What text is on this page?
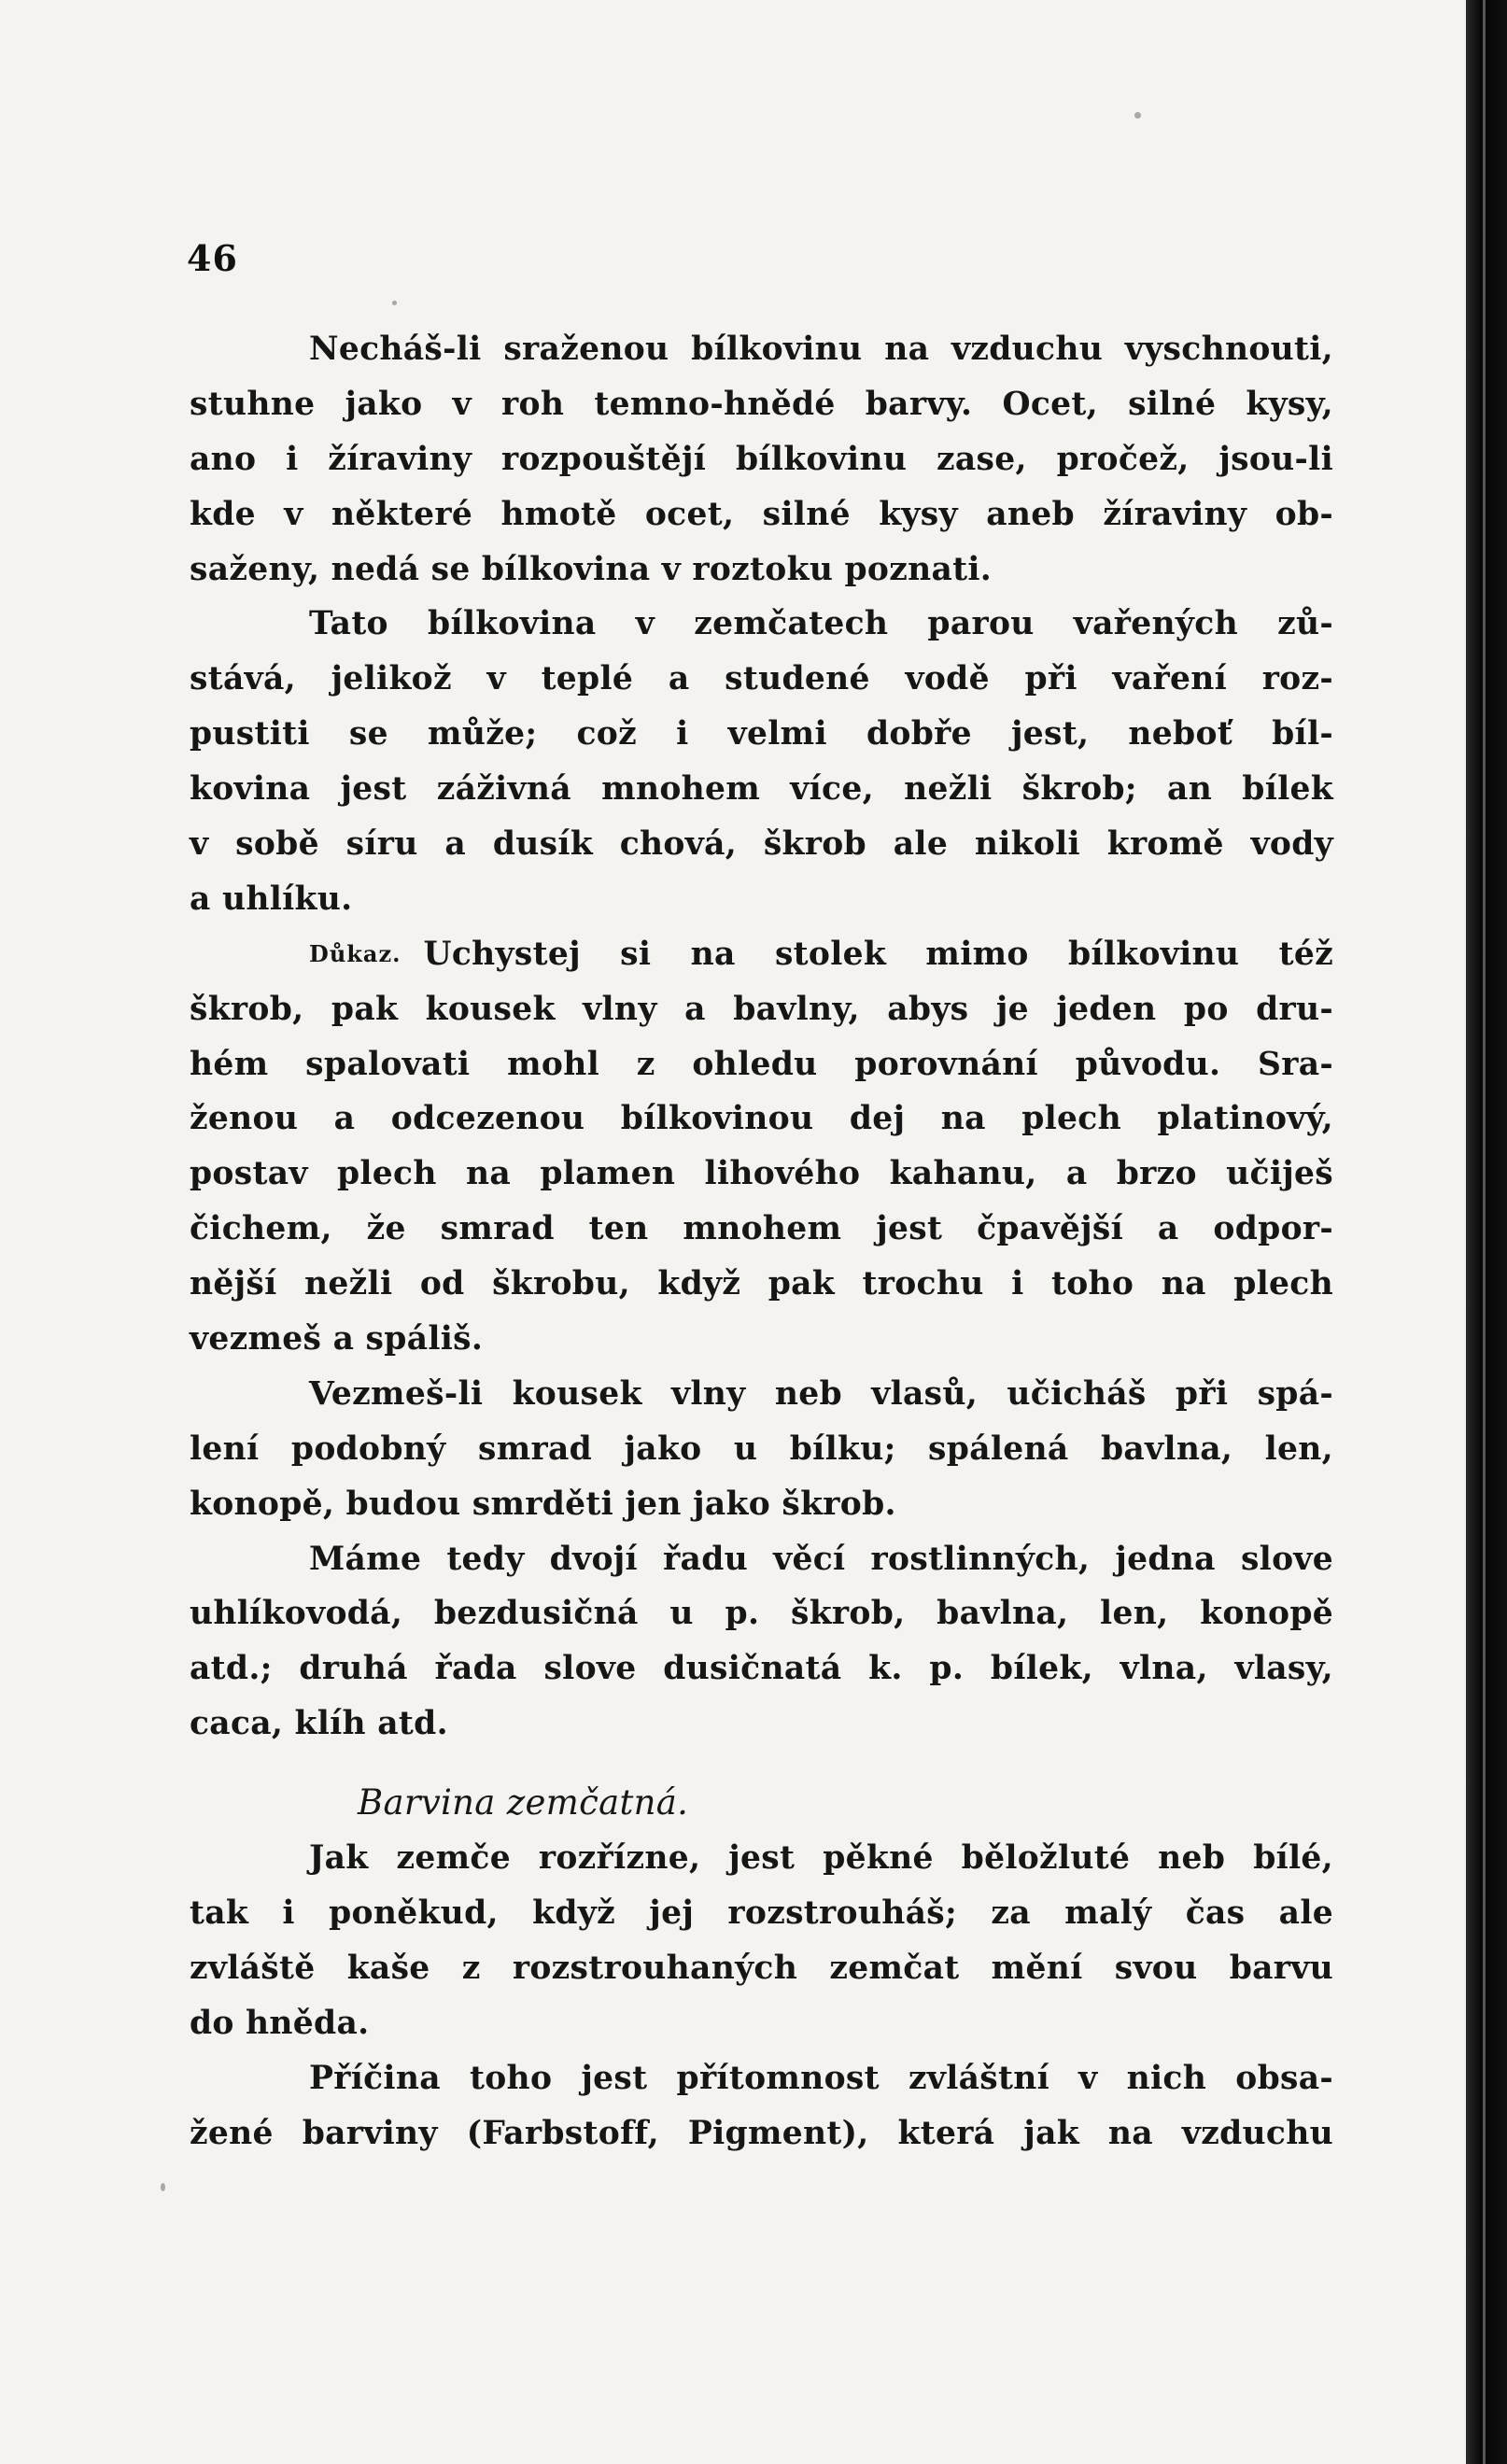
46
Necháš-li sraženou bílkovinu na vzduchu vyschnouti,
stuhne jako v roh temno-hnědé barvy. Ocet, silné kysy,
ano i žíraviny rozpouštějí bílkovinu zase, pročež, jsou-li
kde v některé hmotě ocet, silné kysy aneb žíraviny ob-
saženy, nedá se bílkovina v roztoku poznati.
Tato bílkovina v zemčatech parou vařených zů-
stává, jelikož v teplé a studené vodě při vaření roz-
pustiti se může; což i velmi dobře jest, neboť bíl-
kovina jest záživná mnohem více, nežli škrob; an bílek
v sobě síru a dusík chová, škrob ale nikoli kromě vody
a uhlíku.
Důkaz. Uchystej si na stolek mimo bílkovinu též
škrob, pak kousek vlny a bavlny, abys je jeden po dru-
hém spalovati mohl z ohledu porovnání původu. Sra-
ženou a odcezenou bílkovinou dej na plech platinový,
postav plech na plamen lihového kahanu, a brzo učiješ
čichem, že smrad ten mnohem jest čpavější a odpor-
nější nežli od škrobu, když pak trochu i toho na plech
vezmeš a spáliš.
Vezmeš-li kousek vlny neb vlasů, učicháš při spá-
lení podobný smrad jako u bílku; spálená bavlna, len,
konopě, budou smrděti jen jako škrob.
Máme tedy dvojí řadu věcí rostlinných, jedna slove
uhlíkovodá, bezdusičná u p. škrob, bavlna, len, konopě
atd.; druhá řada slove dusičnatá k. p. bílek, vlna, vlasy,
caca, klíh atd.
Barvina zemčatná.
Jak zemče rozřízne, jest pěkné běložluté neb bílé,
tak i poněkud, když jej rozstrouháš; za malý čas ale
zvláště kaše z rozstrouhaných zemčat mění svou barvu
do hněda.
Příčina toho jest přítomnost zvláštní v nich obsa-
žené barviny (Farbstoff, Pigment), která jak na vzduchu
